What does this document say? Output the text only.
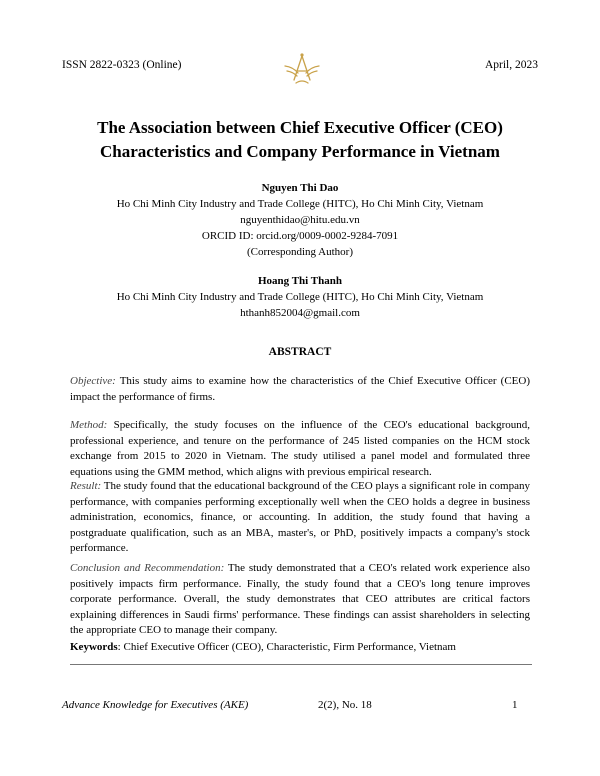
ISSN 2822-0323 (Online)	April, 2023
The Association between Chief Executive Officer (CEO)
Characteristics and Company Performance in Vietnam
Nguyen Thi Dao
Ho Chi Minh City Industry and Trade College (HITC), Ho Chi Minh City, Vietnam
nguyenthidao@hitu.edu.vn
ORCID ID: orcid.org/0009-0002-9284-7091
(Corresponding Author)
Hoang Thi Thanh
Ho Chi Minh City Industry and Trade College (HITC), Ho Chi Minh City, Vietnam
hthanh852004@gmail.com
ABSTRACT
Objective: This study aims to examine how the characteristics of the Chief Executive Officer (CEO) impact the performance of firms.
Method: Specifically, the study focuses on the influence of the CEO's educational background, professional experience, and tenure on the performance of 245 listed companies on the HCM stock exchange from 2015 to 2020 in Vietnam. The study utilised a panel model and formulated three equations using the GMM method, which aligns with previous empirical research.
Result: The study found that the educational background of the CEO plays a significant role in company performance, with companies performing exceptionally well when the CEO holds a degree in business administration, economics, finance, or accounting. In addition, the study found that having a postgraduate qualification, such as an MBA, master's, or PhD, positively impacts a company's stock performance.
Conclusion and Recommendation: The study demonstrated that a CEO's related work experience also positively impacts firm performance. Finally, the study found that a CEO's long tenure improves corporate performance. Overall, the study demonstrates that CEO attributes are critical factors explaining differences in Saudi firms' performance. These findings can assist shareholders in selecting the appropriate CEO to manage their company.
Keywords: Chief Executive Officer (CEO), Characteristic, Firm Performance, Vietnam
Advance Knowledge for Executives (AKE)	2(2), No. 18	1
